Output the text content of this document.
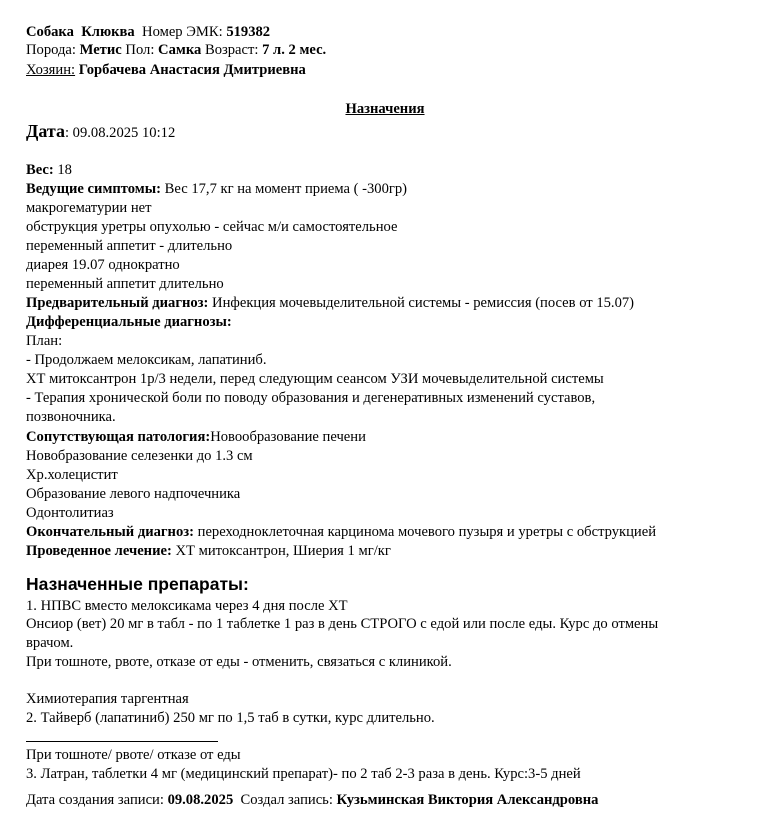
Собака Клюква Номер ЭМК: 519382
Порода: Метис Пол: Самка Возраст: 7 л. 2 мес.
Хозяин: Горбачева Анастасия Дмитриевна
Назначения
Дата: 09.08.2025 10:12
Вес: 18
Ведущие симптомы: Вес 17,7 кг на момент приема ( -300гр)
макрогематурии нет
обструкция уретры опухолью - сейчас м/и самостоятельное
переменный аппетит - длительно
диарея 19.07 однократно
переменный аппетит длительно
Предварительный диагноз: Инфекция мочевыделительной системы - ремиссия (посев от 15.07)
Дифференциальные диагнозы:
План:
- Продолжаем мелоксикам, лапатиниб.
ХТ митоксантрон 1р/3 недели, перед следующим сеансом УЗИ мочевыделительной системы
- Терапия хронической боли по поводу образования и дегенеративных изменений суставов,
позвоночника.
Сопутствующая патология:Новообразование печени
Новобразование селезенки до 1.3 см
Хр.холецистит
Образование левого надпочечника
Одонтолитиаз
Окончательный диагноз: переходноклеточная карцинома мочевого пузыря и уретры с обструкцией
Проведенное лечение: ХТ митоксантрон, Шиерия 1 мг/кг
Назначенные препараты:
1. НПВС вместо мелоксикама через 4 дня после ХТ
Онсиор (вет) 20 мг в табл - по 1 таблетке 1 раз в день СТРОГО с едой или после еды. Курс до отмены
врачом.
При тошноте, рвоте, отказе от еды - отменить, связаться с клиникой.
Химиотерапия таргентная
2. Тайверб (лапатиниб) 250 мг по 1,5 таб в сутки, курс длительно.
При тошноте/ рвоте/ отказе от еды
3. Латран, таблетки 4 мг (медицинский препарат)- по 2 таб 2-3 раза в день. Курс:3-5 дней
Дата создания записи: 09.08.2025  Создал запись: Кузьминская Виктория Александровна
